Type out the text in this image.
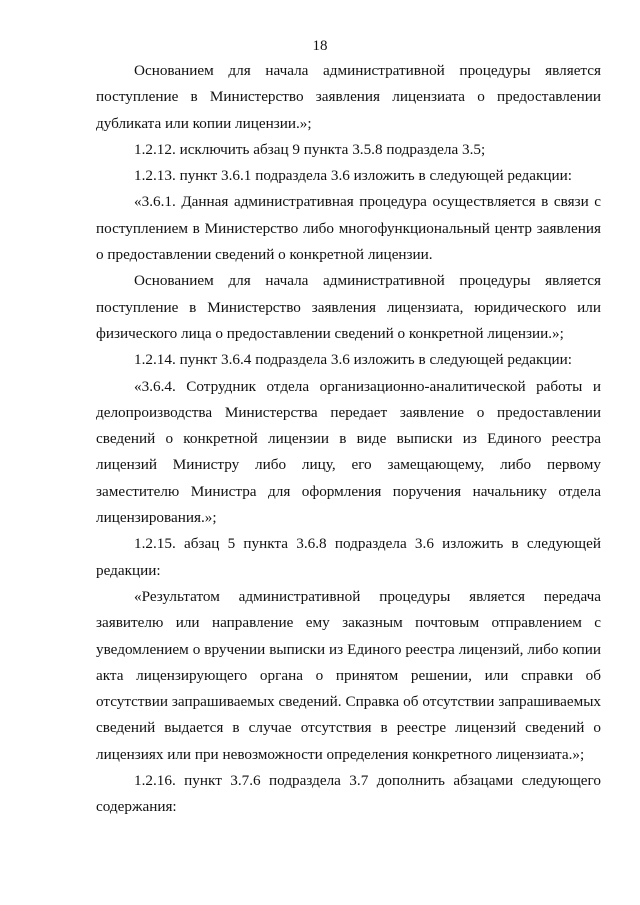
18

Основанием для начала административной процедуры является поступление в Министерство заявления лицензиата о предоставлении дубликата или копии лицензии.»;

1.2.12. исключить абзац 9 пункта 3.5.8 подраздела 3.5;

1.2.13. пункт 3.6.1 подраздела 3.6 изложить в следующей редакции:

«3.6.1. Данная административная процедура осуществляется в связи с поступлением в Министерство либо многофункциональный центр заявления о предоставлении сведений о конкретной лицензии.

Основанием для начала административной процедуры является поступление в Министерство заявления лицензиата, юридического или физического лица о предоставлении сведений о конкретной лицензии.»;

1.2.14. пункт 3.6.4 подраздела 3.6 изложить в следующей редакции:

«3.6.4. Сотрудник отдела организационно-аналитической работы и делопроизводства Министерства передает заявление о предоставлении сведений о конкретной лицензии в виде выписки из Единого реестра лицензий Министру либо лицу, его замещающему, либо первому заместителю Министра для оформления поручения начальнику отдела лицензирования.»;

1.2.15. абзац 5 пункта 3.6.8 подраздела 3.6 изложить в следующей редакции:

«Результатом административной процедуры является передача заявителю или направление ему заказным почтовым отправлением с уведомлением о вручении выписки из Единого реестра лицензий, либо копии акта лицензирующего органа о принятом решении, или справки об отсутствии запрашиваемых сведений. Справка об отсутствии запрашиваемых сведений выдается в случае отсутствия в реестре лицензий сведений о лицензиях или при невозможности определения конкретного лицензиата.»;

1.2.16. пункт 3.7.6 подраздела 3.7 дополнить абзацами следующего содержания:
